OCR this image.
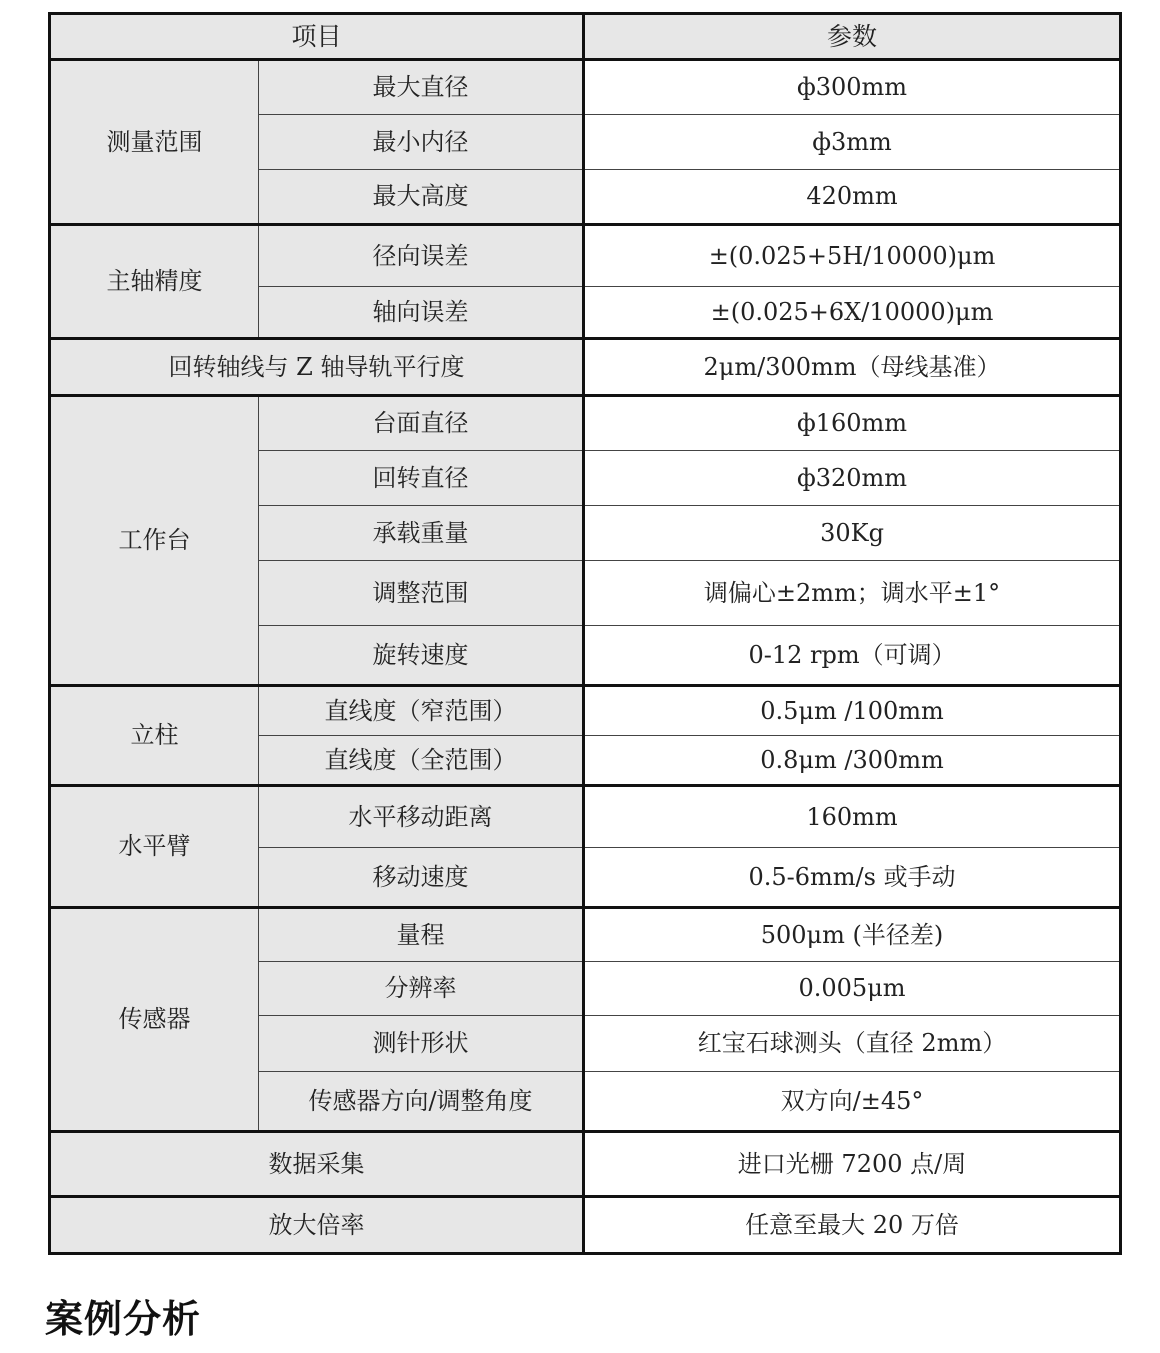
项目		参数
测量范围	最大直径	ф300mm
	最小内径	ф3mm
	最大高度	420mm
主轴精度	径向误差	±(0.025+5H/10000)μm
	轴向误差	±(0.025+6X/10000)μm
回转轴线与 Z 轴导轨平行度		2μm/300mm（母线基准）
工作台	台面直径	ф160mm
	回转直径	ф320mm
	承载重量	30Kg
	调整范围	调偏心±2mm；调水平±1°
	旋转速度	0-12 rpm（可调）
立柱	直线度（窄范围）	0.5μm /100mm
	直线度（全范围）	0.8μm /300mm
水平臂	水平移动距离	160mm
	移动速度	0.5-6mm/s 或手动
传感器	量程	500μm (半径差)
	分辨率	0.005μm
	测针形状	红宝石球测头（直径 2mm）
	传感器方向/调整角度	双方向/±45°
数据采集		进口光栅 7200 点/周
放大倍率		任意至最大 20 万倍
案例分析
